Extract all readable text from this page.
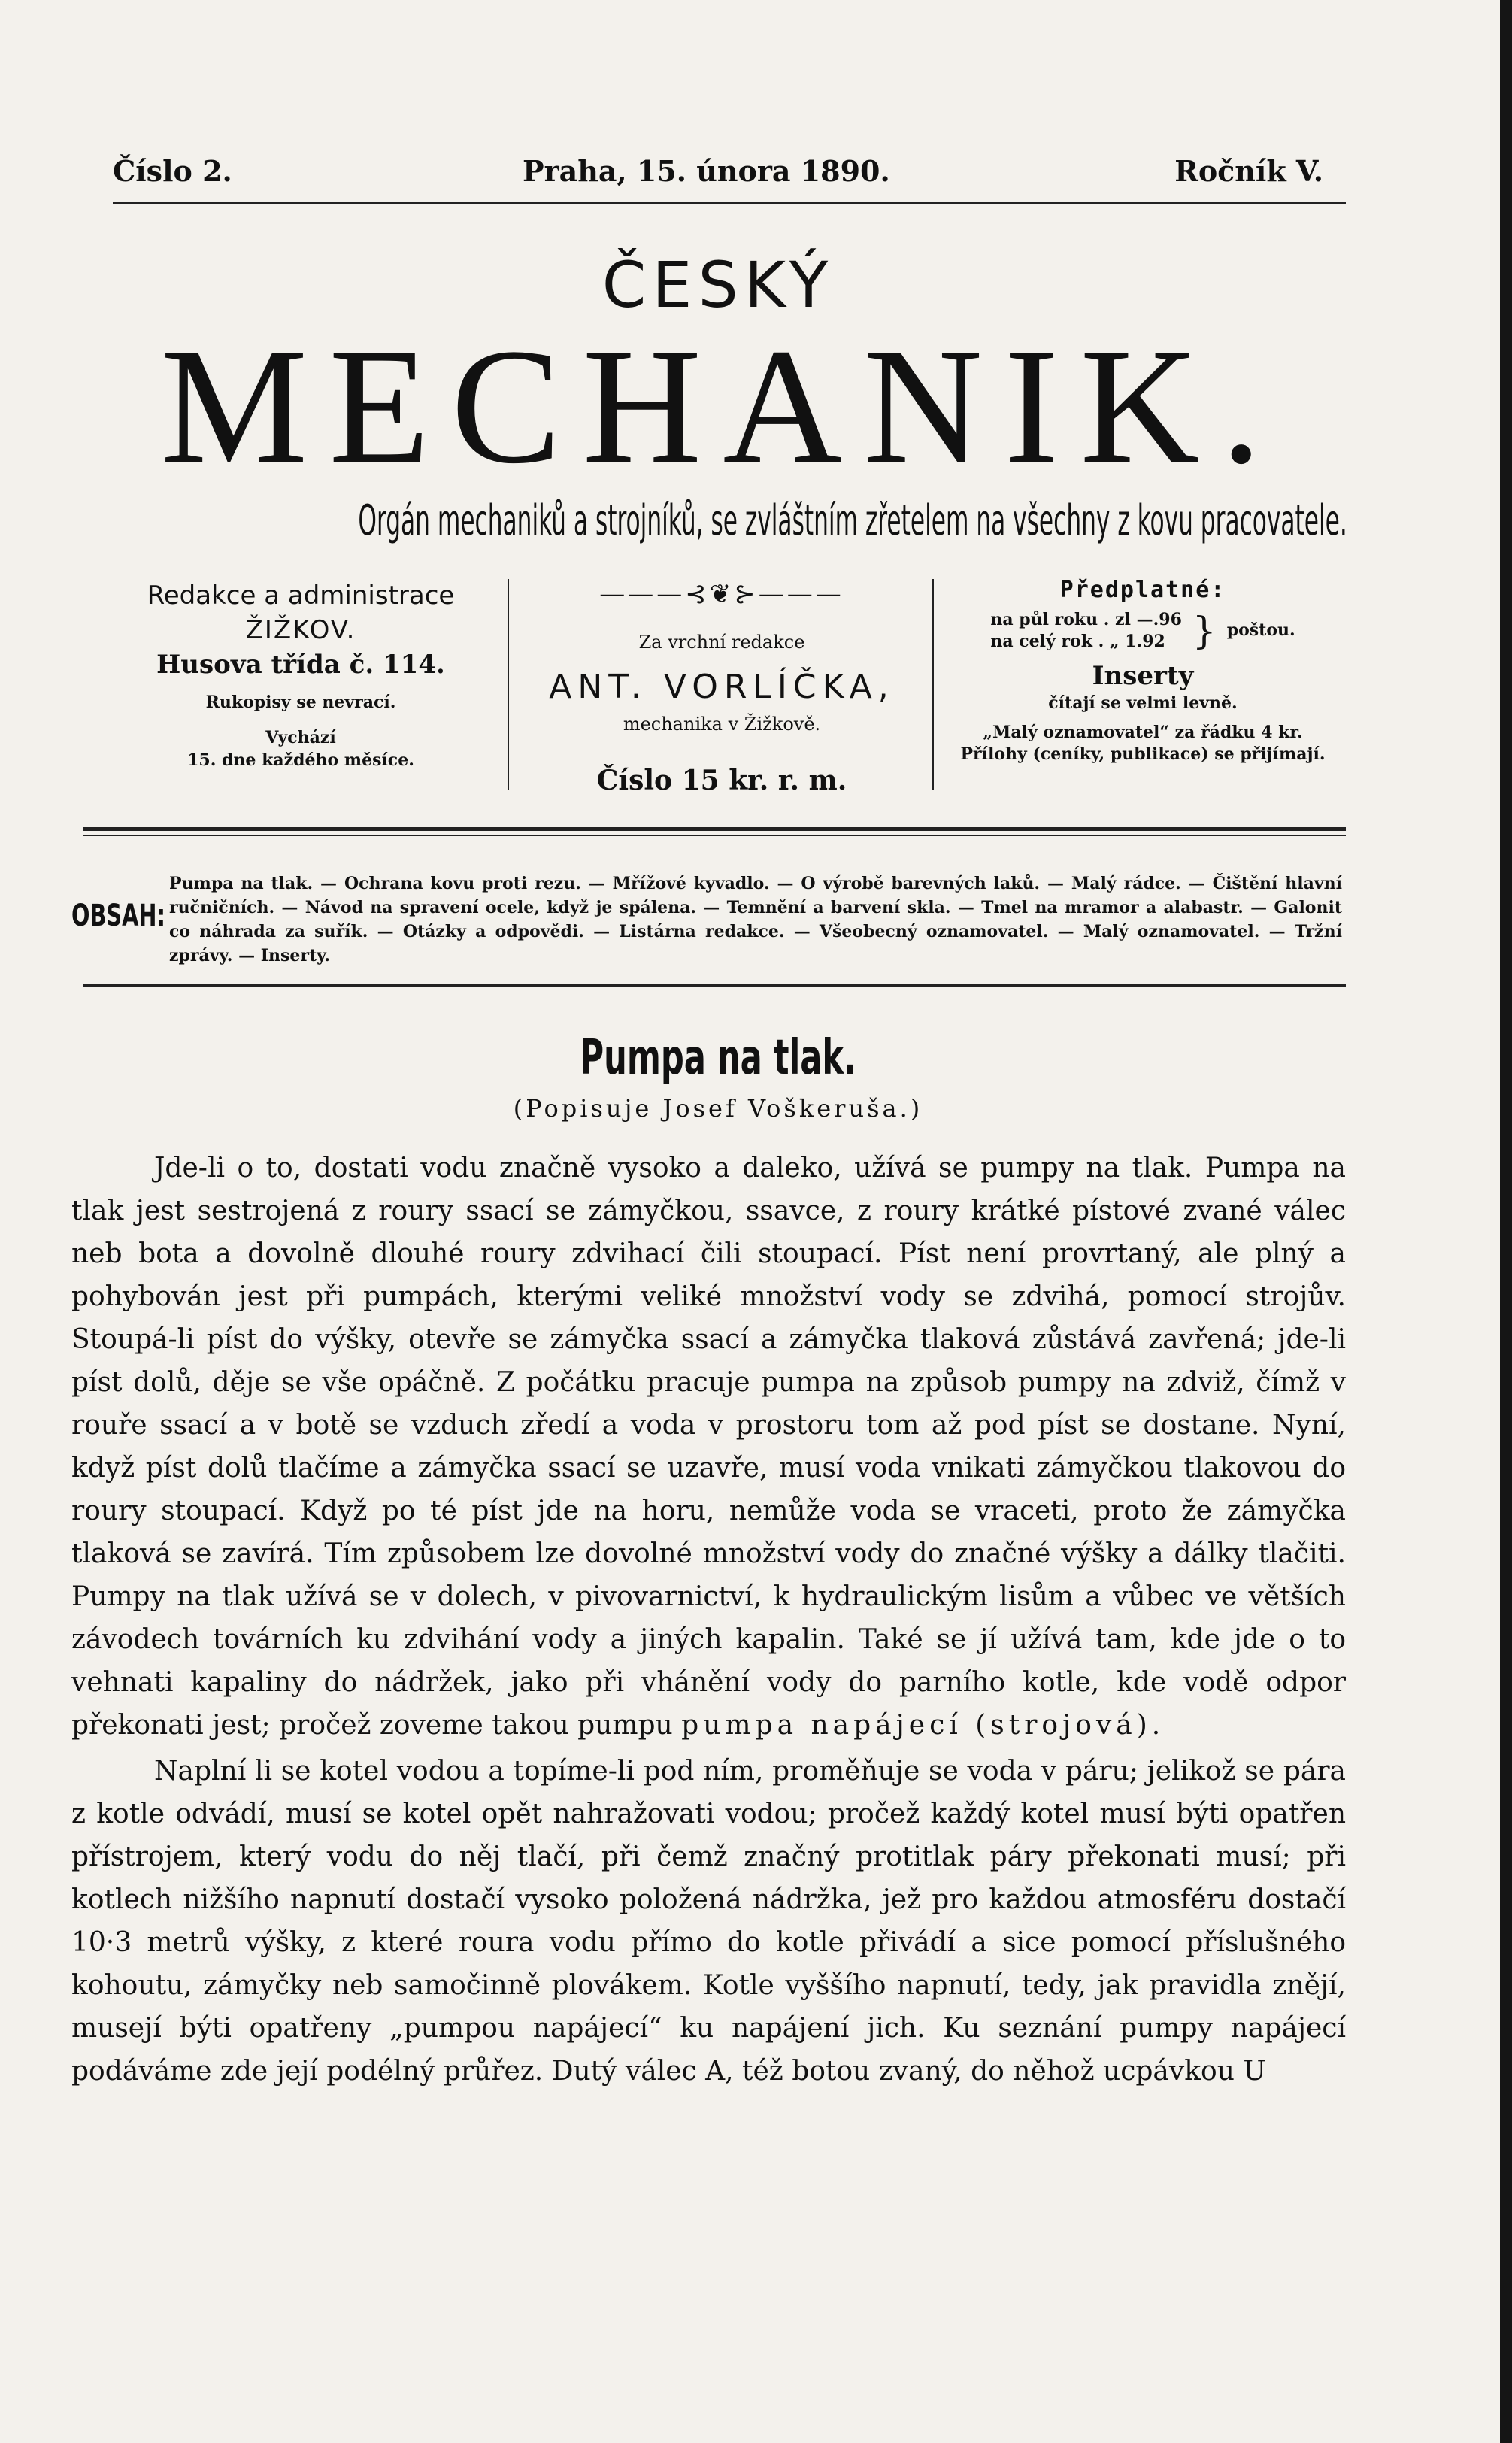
Číslo 2.	Praha, 15. února 1890.	Ročník V.
ČESKÝ
MECHANIK.
Orgán mechaniků a strojníků, se zvláštním zřetelem na všechny z kovu pracovatele.
Redakce a administrace
ŽIŽKOV.
Husova třída č. 114.
Rukopisy se nevrací.
Vychází
15. dne každého měsíce.
———⊰❦⊱———
Za vrchní redakce
ANT. VORLÍČKA,
mechanika v Žižkově.
Číslo 15 kr. r. m.
Předplatné:
na půl roku . zl —.96
na celý rok . „ 1.92 } poštou.
Inserty
čítají se velmi levně.
„Malý oznamovatel“ za řádku 4 kr.
Přílohy (ceníky, publikace) se přijímají.
OBSAH:
Pumpa na tlak. — Ochrana kovu proti rezu. — Mřížové kyvadlo. — O výrobě barevných laků. — Malý rádce. — Čištění hlavní ručničních. — Návod na spravení ocele, když je spálena. — Temnění a barvení skla. — Tmel na mramor a alabastr. — Galonit co náhrada za suřík. — Otázky a odpovědi. — Listárna redakce. — Všeobecný oznamovatel. — Malý oznamovatel. — Tržní zprávy. — Inserty.
Pumpa na tlak.
(Popisuje Josef Voškeruša.)

Jde-li o to, dostati vodu značně vysoko a daleko, užívá se pumpy na tlak. Pumpa na tlak jest sestrojená z roury ssací se zámyčkou, ssavce, z roury krátké pístové zvané válec neb bota a dovolně dlouhé roury zdvihací čili stoupací. Píst není provrtaný, ale plný a pohybován jest při pumpách, kterými veliké množství vody se zdvihá, pomocí strojův. Stoupá-li píst do výšky, otevře se zámyčka ssací a zámyčka tlaková zůstává zavřená; jde-li píst dolů, děje se vše opáčně. Z počátku pracuje pumpa na způsob pumpy na zdviž, čímž v rouře ssací a v botě se vzduch zředí a voda v prostoru tom až pod píst se dostane. Nyní, když píst dolů tlačíme a zámyčka ssací se uzavře, musí voda vnikati zámyčkou tlakovou do roury stoupací. Když po té píst jde na horu, nemůže voda se vraceti, proto že zámyčka tlaková se zavírá. Tím způsobem lze dovolné množství vody do značné výšky a dálky tlačiti. Pumpy na tlak užívá se v dolech, v pivovarnictví, k hydraulickým lisům a vůbec ve větších závodech továrních ku zdvihání vody a jiných kapalin. Také se jí užívá tam, kde jde o to vehnati kapaliny do nádržek, jako při vhánění vody do parního kotle, kde vodě odpor překonati jest; pročež zoveme takou pumpu pumpa napájecí (strojová).

Naplní li se kotel vodou a topíme-li pod ním, proměňuje se voda v páru; jelikož se pára z kotle odvádí, musí se kotel opět nahražovati vodou; pročež každý kotel musí býti opatřen přístrojem, který vodu do něj tlačí, při čemž značný protitlak páry překonati musí; při kotlech nižšího napnutí dostačí vysoko položená nádržka, jež pro každou atmosféru dostačí 10·3 metrů výšky, z které roura vodu přímo do kotle přivádí a sice pomocí příslušného kohoutu, zámyčky neb samočinně plovákem. Kotle vyššího napnutí, tedy, jak pravidla znějí, musejí býti opatřeny „pumpou napájecí“ ku napájení jich. Ku seznání pumpy napájecí podáváme zde její podélný průřez. Dutý válec A, též botou zvaný, do něhož ucpávkou U
